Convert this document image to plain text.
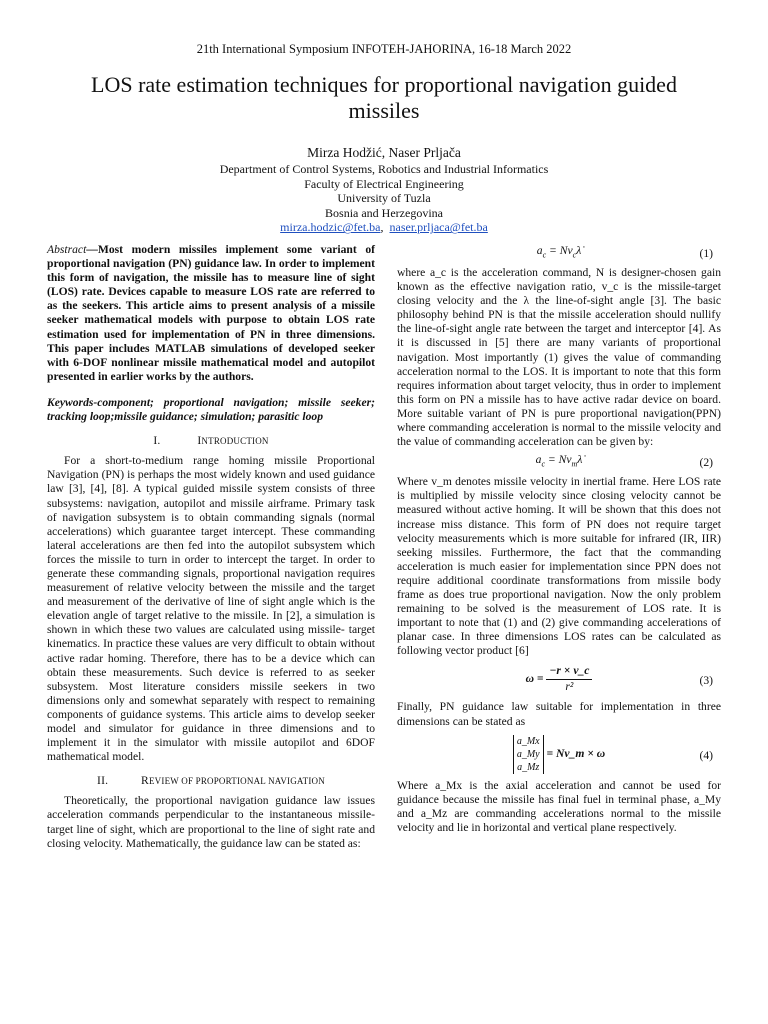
21th International Symposium INFOTEH-JAHORINA, 16-18 March 2022
LOS rate estimation techniques for proportional navigation guided missiles
Mirza Hodžić, Naser Prljača
Department of Control Systems, Robotics and Industrial Informatics
Faculty of Electrical Engineering
University of Tuzla
Bosnia and Herzegovina
mirza.hodzic@fet.ba,  naser.prljaca@fet.ba

Abstract—Most modern missiles implement some variant of proportional navigation (PN) guidance law. In order to implement this form of navigation, the missile has to measure line of sight (LOS) rate. Devices capable to measure LOS rate are referred to as the seekers. This article aims to present analysis of a missile seeker mathematical models with purpose to obtain LOS rate estimation used for implementation of PN in three dimensions. This paper includes MATLAB simulations of developed seeker with 6-DOF nonlinear missile mathematical model and autopilot presented in earlier works by the authors.

Keywords-component; proportional navigation; missile seeker; tracking loop;missile guidance; simulation; parasitic loop

I.	INTRODUCTION

For a short-to-medium range homing missile Proportional Navigation (PN) is perhaps the most widely known and used guidance law [3], [4], [8]. A typical guided missile system consists of three subsystems: navigation, autopilot and missile airframe. Primary task of navigation subsystem is to obtain commanding signals (normal accelerations) which guarantee target intercept. These commanding lateral accelerations are then fed into the autopilot subsystem which forces the missile to turn in order to intercept the target. In order to generate these commanding signals, proportional navigation requires measurement of relative velocity between the missile and the target and measurement of the derivative of line of sight angle which is the elevation angle of target relative to the missile. In [2], a simulation is shown in which these two values are calculated using missile- target kinematics. In practice these values are very difficult to obtain without active radar homing. Therefore, there has to be a device which can obtain these measurements. Such device is referred to as seeker subsystem. Most literature considers missile seekers in two dimensions only and somewhat separately with respect to remaining components of guidance systems. This article aims to develop seeker model and simulator for guidance in three dimensions and to implement it in the simulator with missile autopilot and 6DOF mathematical model.

II.	REVIEW OF PROPORTIONAL NAVIGATION

Theoretically, the proportional navigation guidance law issues acceleration commands perpendicular to the instantaneous missile-target line of sight, which are proportional to the line of sight rate and closing velocity. Mathematically, the guidance law can be stated as:

$a_c$ = $Nv_c\lambdȧ$	(1)

where a_c is the acceleration command, N is designer-chosen gain known as the effective navigation ratio, v_c is the missile-target closing velocity and the λ the line-of-sight angle [3]. The basic philosophy behind PN is that the missile acceleration should nullify the line-of-sight angle rate between the target and interceptor [4]. As it is discussed in [5] there are many variants of proportional navigation. Most importantly (1) gives the value of commanding acceleration normal to the LOS. It is important to note that this form requires information about target velocity, thus in order to implement this form on PN a missile has to have active radar device on board. More suitable variant of PN is pure proportional navigation(PPN) where commanding acceleration is normal to the missile velocity and the value of commanding acceleration can be given by:

$a_c$ = $Nv_m\lambdȧ$	(2)

Where v_m denotes missile velocity in inertial frame. Here LOS rate is multiplied by missile velocity since closing velocity cannot be measured without active homing. It will be shown that this does not increase miss distance. This form of PN does not require target velocity measurements which is more suitable for infrared (IR, IIR) seeking missiles. Furthermore, the fact that the commanding acceleration is much easier for implementation since PPN does not require additional coordinate transformations from missile body frame as does true proportional navigation. Now the only problem remaining to be solved is the measurement of LOS rate. It is important to note that (1) and (2) give commanding accelerations of planar case. In three dimensions LOS rates can be calculated as following vector product [6]

$\omega = \frac{-r \times v\_c}{\text{r²}}$	(3)

Finally, PN guidance law suitable for implementation in three dimensions can be stated as

a_Mx
a_My
a_Mz
= Nv_m × ω	(4)

Where a_Mx is the axial acceleration and cannot be used for guidance because the missile has final fuel in terminal phase, a_My and a_Mz are commanding accelerations normal to the missile velocity and lie in horizontal and vertical plane respectively.
